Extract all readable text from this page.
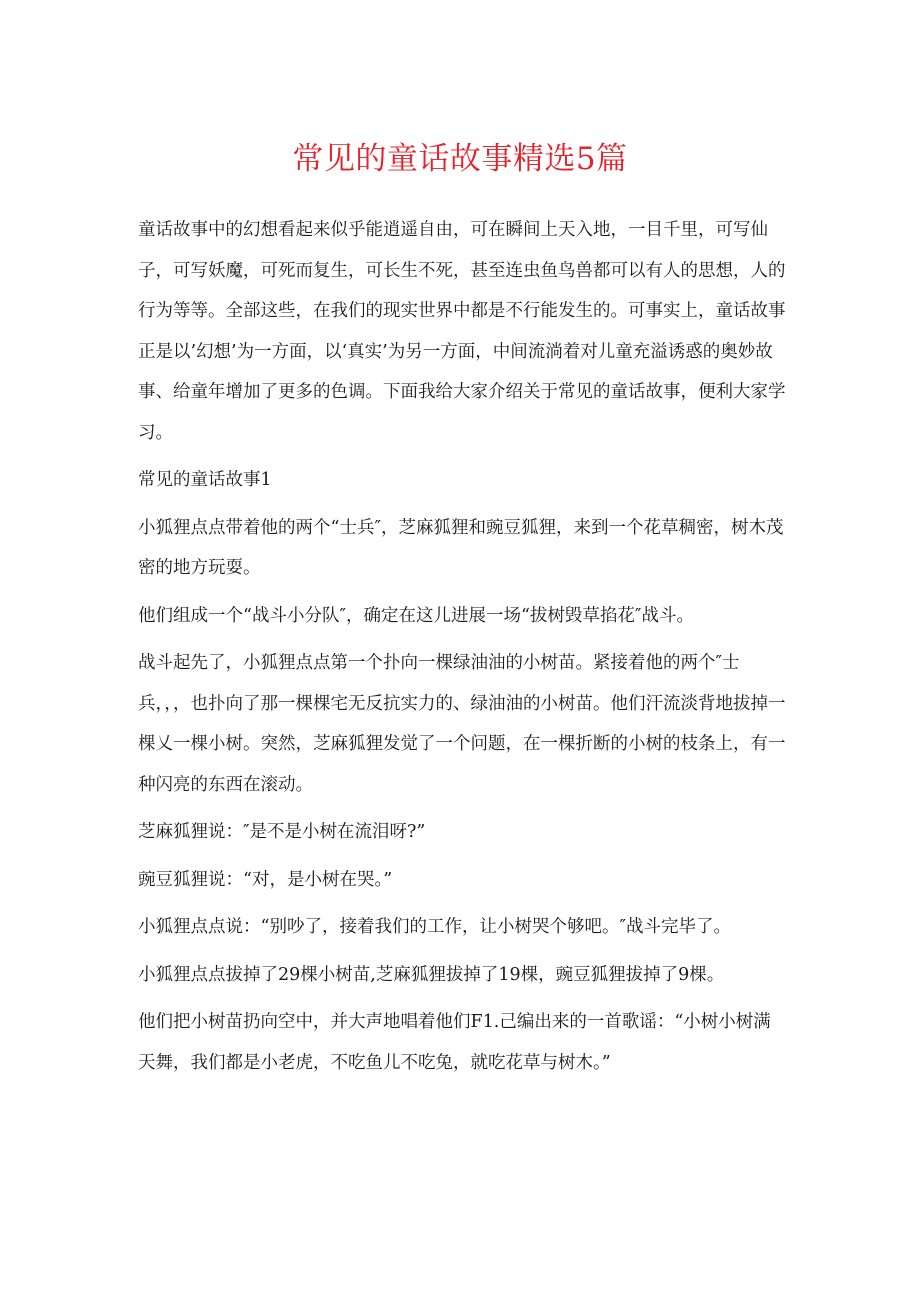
常见的童话故事精选5篇

童话故事中的幻想看起来似乎能逍遥自由，可在瞬间上天入地，一目千里，可写仙子，可写妖魔，可死而复生，可长生不死，甚至连虫鱼鸟兽都可以有人的思想，人的行为等等。全部这些，在我们的现实世界中都是不行能发生的。可事实上，童话故事正是以’幻想’为一方面，以‘真实’为另一方面，中间流淌着对儿童充溢诱惑的奥妙故事、给童年增加了更多的色调。下面我给大家介绍关于常见的童话故事，便利大家学习。

常见的童话故事1

小狐狸点点带着他的两个“士兵″，芝麻狐狸和豌豆狐狸，来到一个花草稠密，树木茂密的地方玩耍。

他们组成一个“战斗小分队″，确定在这儿进展一场“拔树毁草掐花″战斗。

战斗起先了，小狐狸点点第一个扑向一棵绿油油的小树苗。紧接着他的两个″士兵，，，也扑向了那一棵棵宅无反抗实力的、绿油油的小树苗。他们汗流淡背地拔掉一棵乂一棵小树。突然，芝麻狐狸发觉了一个问题，在一棵折断的小树的枝条上，有一种闪亮的东西在滚动。

芝麻狐狸说：″是不是小树在流泪呀?”

豌豆狐狸说：“对，是小树在哭。”

小狐狸点点说：“别吵了，接着我们的工作，让小树哭个够吧。″战斗完毕了。

小狐狸点点拔掉了29棵小树苗,芝麻狐狸拔掉了19棵，豌豆狐狸拔掉了9棵。

他们把小树苗扔向空中，并大声地唱着他们F1.己编出来的一首歌谣：“小树小树满天舞，我们都是小老虎，不吃鱼儿不吃兔，就吃花草与树木。”
